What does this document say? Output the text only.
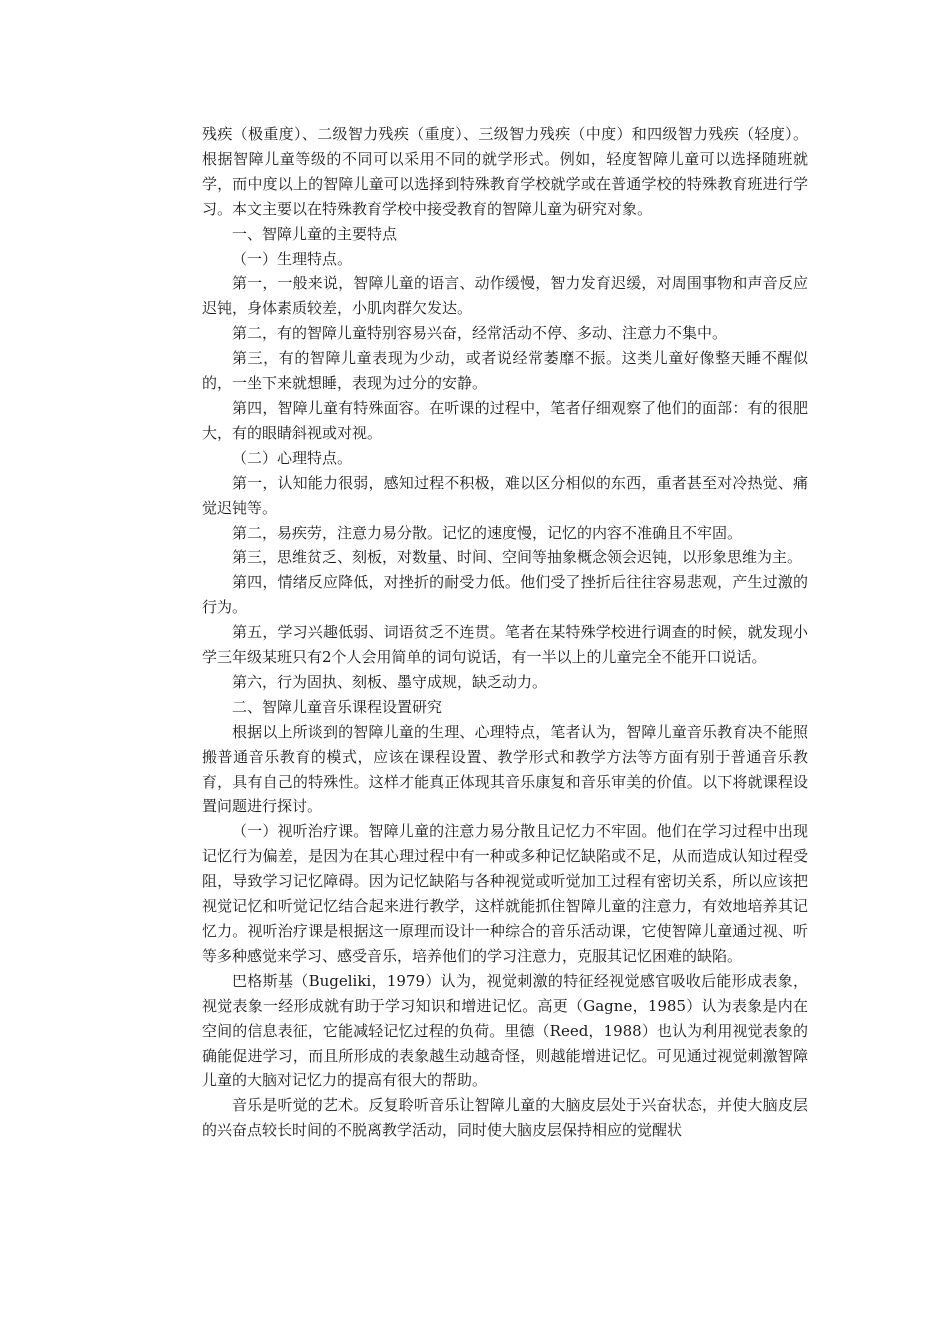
残疾（极重度）、二级智力残疾（重度）、三级智力残疾（中度）和四级智力残疾（轻度）。根据智障儿童等级的不同可以采用不同的就学形式。例如，轻度智障儿童可以选择随班就学，而中度以上的智障儿童可以选择到特殊教育学校就学或在普通学校的特殊教育班进行学习。本文主要以在特殊教育学校中接受教育的智障儿童为研究对象。

一、智障儿童的主要特点

（一）生理特点。

第一，一般来说，智障儿童的语言、动作缓慢，智力发育迟缓，对周围事物和声音反应迟钝，身体素质较差，小肌肉群欠发达。

第二，有的智障儿童特别容易兴奋，经常活动不停、多动、注意力不集中。

第三，有的智障儿童表现为少动，或者说经常萎靡不振。这类儿童好像整天睡不醒似的，一坐下来就想睡，表现为过分的安静。

第四，智障儿童有特殊面容。在听课的过程中，笔者仔细观察了他们的面部：有的很肥大，有的眼睛斜视或对视。

（二）心理特点。

第一，认知能力很弱，感知过程不积极，难以区分相似的东西，重者甚至对冷热觉、痛觉迟钝等。

第二，易疾劳，注意力易分散。记忆的速度慢，记忆的内容不准确且不牢固。

第三，思维贫乏、刻板，对数量、时间、空间等抽象概念领会迟钝，以形象思维为主。

第四，情绪反应降低，对挫折的耐受力低。他们受了挫折后往往容易悲观，产生过激的行为。

第五，学习兴趣低弱、词语贫乏不连贯。笔者在某特殊学校进行调查的时候，就发现小学三年级某班只有2个人会用简单的词句说话，有一半以上的儿童完全不能开口说话。

第六，行为固执、刻板、墨守成规，缺乏动力。

二、智障儿童音乐课程设置研究

根据以上所谈到的智障儿童的生理、心理特点，笔者认为，智障儿童音乐教育决不能照搬普通音乐教育的模式，应该在课程设置、教学形式和教学方法等方面有别于普通音乐教育，具有自己的特殊性。这样才能真正体现其音乐康复和音乐审美的价值。以下将就课程设置问题进行探讨。

（一）视听治疗课。智障儿童的注意力易分散且记忆力不牢固。他们在学习过程中出现记忆行为偏差，是因为在其心理过程中有一种或多种记忆缺陷或不足，从而造成认知过程受阻，导致学习记忆障碍。因为记忆缺陷与各种视觉或听觉加工过程有密切关系，所以应该把视觉记忆和听觉记忆结合起来进行教学，这样就能抓住智障儿童的注意力，有效地培养其记忆力。视听治疗课是根据这一原理而设计一种综合的音乐活动课，它使智障儿童通过视、听等多种感觉来学习、感受音乐，培养他们的学习注意力，克服其记忆困难的缺陷。

巴格斯基（Bugeliki，1979）认为，视觉刺激的特征经视觉感官吸收后能形成表象，视觉表象一经形成就有助于学习知识和增进记忆。高更（Gagne，1985）认为表象是内在空间的信息表征，它能减轻记忆过程的负荷。里德（Reed，1988）也认为利用视觉表象的确能促进学习，而且所形成的表象越生动越奇怪，则越能增进记忆。可见通过视觉刺激智障儿童的大脑对记忆力的提高有很大的帮助。

音乐是听觉的艺术。反复聆听音乐让智障儿童的大脑皮层处于兴奋状态，并使大脑皮层的兴奋点较长时间的不脱离教学活动，同时使大脑皮层保持相应的觉醒状
